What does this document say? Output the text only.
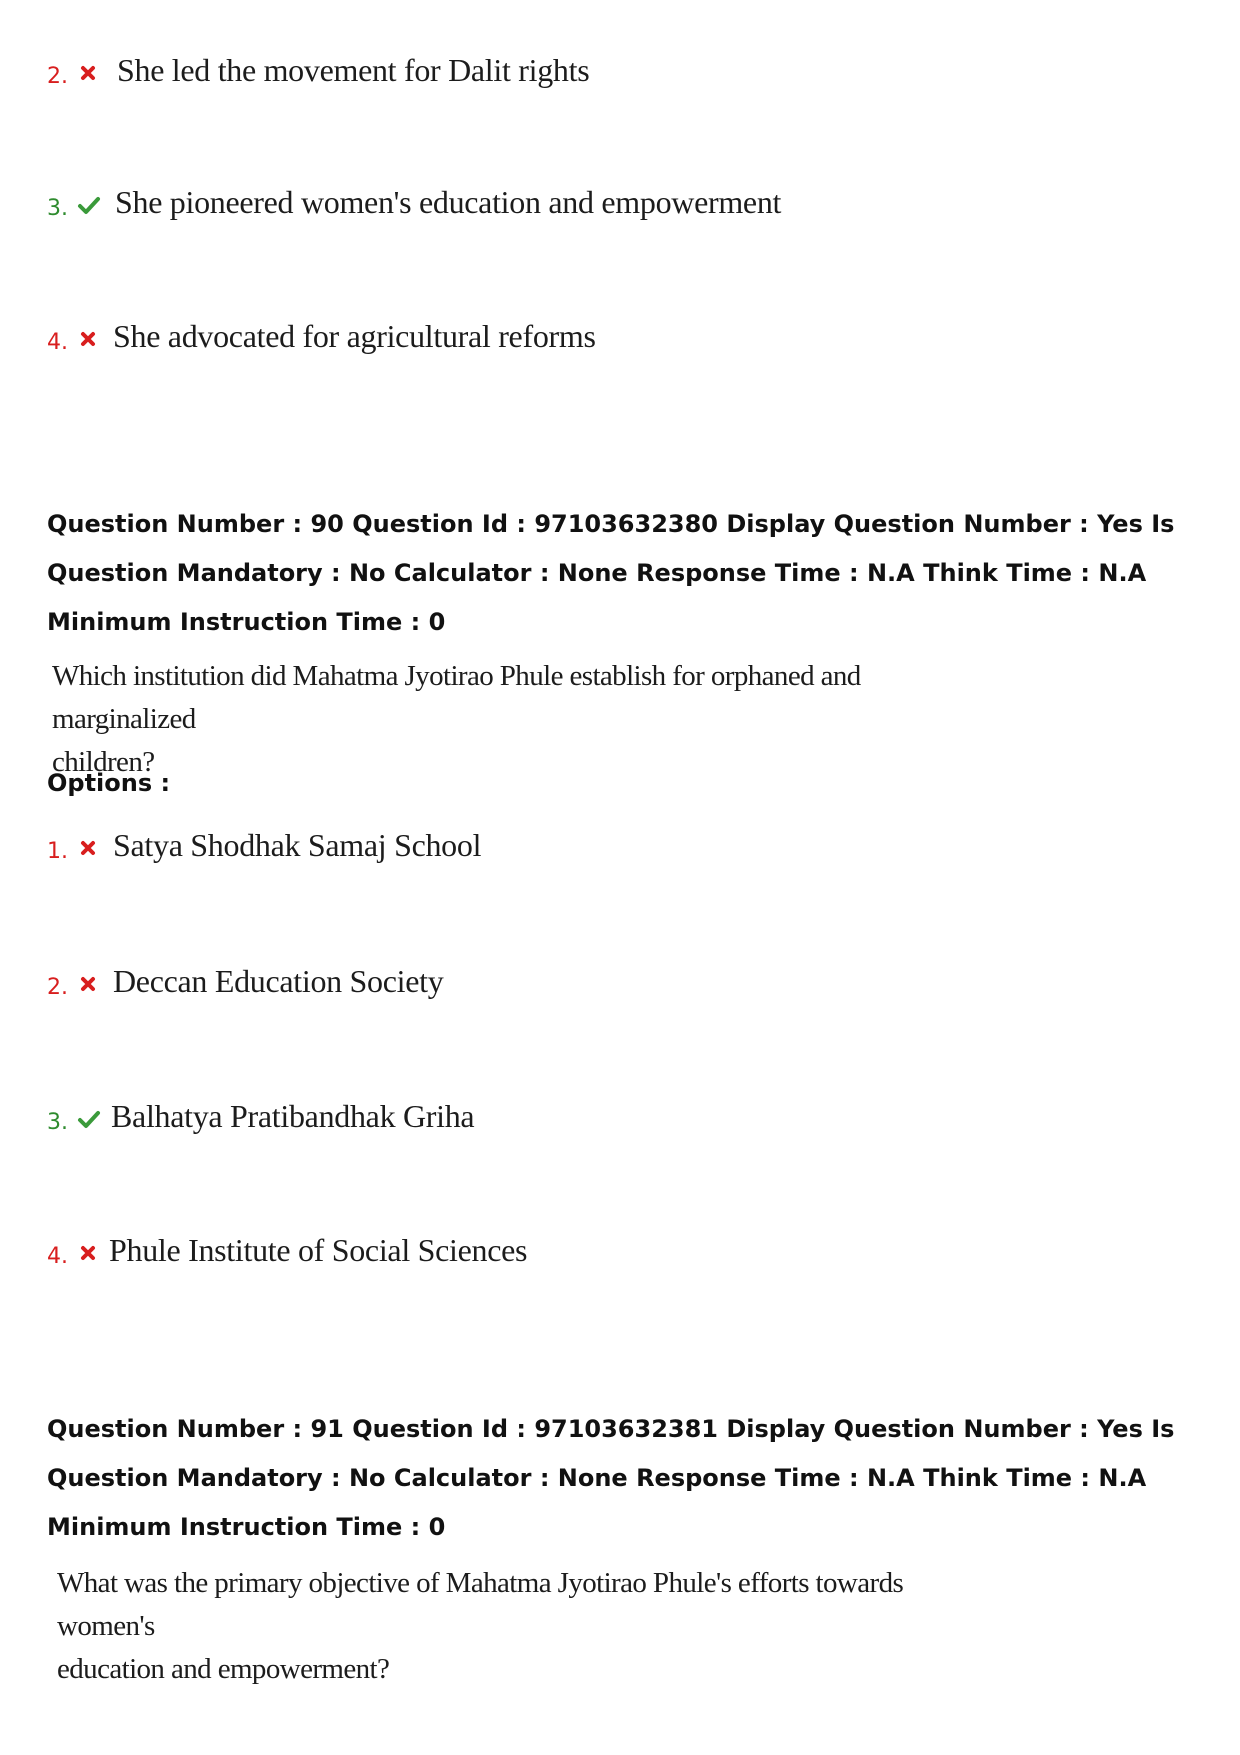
2. She led the movement for Dalit rights
3. She pioneered women's education and empowerment
4. She advocated for agricultural reforms
Question Number : 90 Question Id : 97103632380 Display Question Number : Yes Is Question Mandatory : No Calculator : None Response Time : N.A Think Time : N.A Minimum Instruction Time : 0
Which institution did Mahatma Jyotirao Phule establish for orphaned and marginalized
children?
Options :
1. Satya Shodhak Samaj School
2. Deccan Education Society
3. Balhatya Pratibandhak Griha
4. Phule Institute of Social Sciences
Question Number : 91 Question Id : 97103632381 Display Question Number : Yes Is Question Mandatory : No Calculator : None Response Time : N.A Think Time : N.A Minimum Instruction Time : 0
What was the primary objective of Mahatma Jyotirao Phule's efforts towards women's
education and empowerment?
